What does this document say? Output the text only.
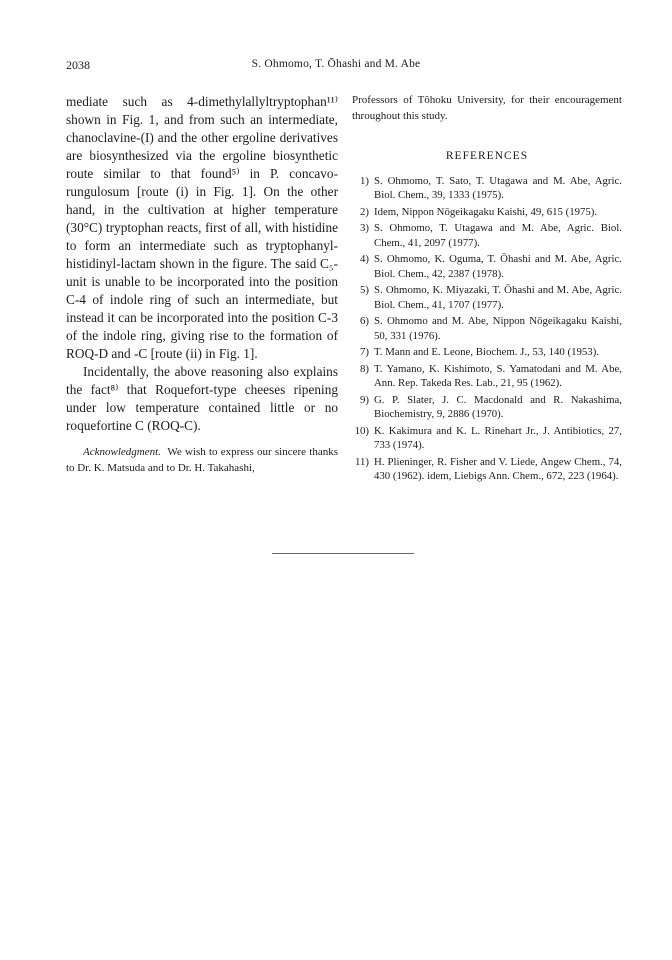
2038	S. Ohmomo, T. Ōhashi and M. Abe

mediate such as 4-dimethylallyltryptophan¹¹⁾ shown in Fig. 1, and from such an intermediate, chanoclavine-(I) and the other ergoline derivatives are biosynthesized via the ergoline biosynthetic route similar to that found⁵⁾ in P. concavo-rungulosum [route (i) in Fig. 1]. On the other hand, in the cultivation at higher temperature (30°C) tryptophan reacts, first of all, with histidine to form an intermediate such as tryptophanyl-histidinyl-lactam shown in the figure. The said C₅-unit is unable to be incorporated into the position C-4 of indole ring of such an intermediate, but instead it can be incorporated into the position C-3 of the indole ring, giving rise to the formation of ROQ-D and -C [route (ii) in Fig. 1].

Incidentally, the above reasoning also explains the fact⁸⁾ that Roquefort-type cheeses ripening under low temperature contained little or no roquefortine C (ROQ-C).

Acknowledgment. We wish to express our sincere thanks to Dr. K. Matsuda and to Dr. H. Takahashi,

Professors of Tôhoku University, for their encouragement throughout this study.

REFERENCES
1) S. Ohmomo, T. Sato, T. Utagawa and M. Abe, Agric. Biol. Chem., 39, 1333 (1975).
2) Idem, Nippon Nōgeikagaku Kaishi, 49, 615 (1975).
3) S. Ohmomo, T. Utagawa and M. Abe, Agric. Biol. Chem., 41, 2097 (1977).
4) S. Ohmomo, K. Oguma, T. Ōhashi and M. Abe, Agric. Biol. Chem., 42, 2387 (1978).
5) S. Ohmomo, K. Miyazaki, T. Ōhashi and M. Abe, Agric. Biol. Chem., 41, 1707 (1977).
6) S. Ohmomo and M. Abe, Nippon Nōgeikagaku Kaishi, 50, 331 (1976).
7) T. Mann and E. Leone, Biochem. J., 53, 140 (1953).
8) T. Yamano, K. Kishimoto, S. Yamatodani and M. Abe, Ann. Rep. Takeda Res. Lab., 21, 95 (1962).
9) G. P. Slater, J. C. Macdonald and R. Nakashima, Biochemistry, 9, 2886 (1970).
10) K. Kakimura and K. L. Rinehart Jr., J. Antibiotics, 27, 733 (1974).
11) H. Plieninger, R. Fisher and V. Liede, Angew Chem., 74, 430 (1962). idem, Liebigs Ann. Chem., 672, 223 (1964).
